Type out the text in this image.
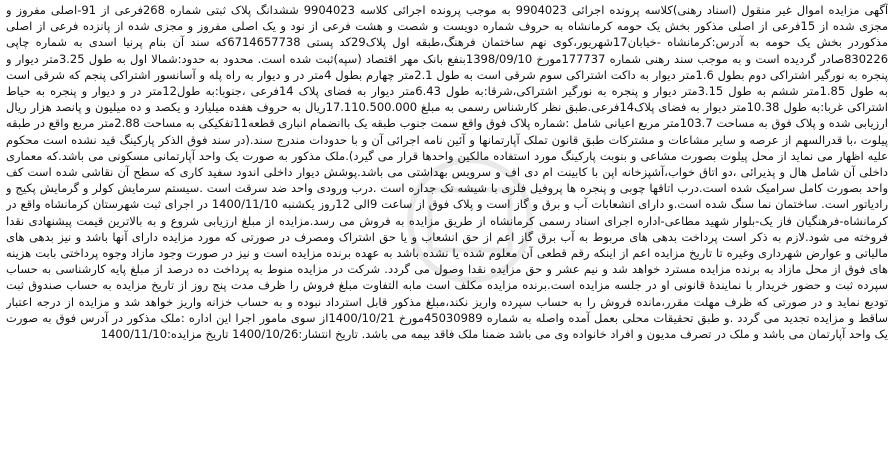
آگهی مزایده اموال غیر منقول (اسناد رهنی)کلاسه پرونده اجرائی 9904023 به موجب پرونده اجرائی کلاسه 9904023 ششدانگ پلاک ثبتی شماره 268فرعی از 91-اصلی مفروز و مجزی شده از 15فرعی از اصلی مذکور بخش یک حومه کرمانشاه به حروف شماره دویست و شصت و هشت فرعی از نود و یک اصلی مفروز و مجزی شده از پانزده فرعی از اصلی مذکوردر بخش یک حومه به آدرس:کرمانشاه -خیابان17شهریور،کوی نهم ساختمان فرهنگ،طبقه اول پلاک29کد پستی 6714657738که سند آن بنام پرنیا اسدی به شماره چاپی 830226صادر گردیده است و به موجب سند رهنی شماره 177737مورخ 1398/09/10بنفع بانک مهر اقتصاد (سپه)ثبت شده است. محدود به حدود:شمالا اول به طول 3.25متر دیوار و پنجره به نورگیر اشتراکی دوم بطول 1.6متر دیوار به داکت اشتراکی سوم شرقی است به طول 2.1متر چهارم بطول 4متر در و دیوار به راه پله و آسانسور اشتراکی پنجم که شرقی است به طول 1.85متر ششم به طول 3.15متر دیوار و پنجره به نورگیر اشتراکی،شرقا:به طول 6.43متر دیوار به فضای پلاک 14فرعی ،جنوبا:به طول12متر در و دیوار و پنجره به حیاط اشتراکی غربا:به طول 10.38متر دیوار به فضای پلاک14فرعی.طبق نظر کارشناس رسمی به مبلغ 17.110.500.000ریال به حروف هفده میلیارد و یکصد و ده میلیون و پانصد هزار ریال ارزیابی شده و پلاک فوق به مساحت 103.7متر مربع اعیانی شامل :شماره پلاک فوق واقع سمت جنوب طبقه یک باانضمام انباری قطعه11تفکیکی به مساحت 2.88متر مربع واقع در طبقه پیلوت ،با قدرالسهم از عرصه و سایر مشاعات و مشترکات طبق قانون تملک آپارتمانها و آئین نامه اجرائی آن و با حدودات مندرج سند.(در سند فوق الذکر پارکینگ قید نشده است محکوم علیه اظهار می نماید از محل پیلوت بصورت مشاعی و بنوبت پارکینگ مورد استفاده مالکین واحدها قرار می گیرد).ملک مذکور به صورت یک واحد آپارتمانی مسکونی می باشد.که معماری داخلی آن شامل هال و پذیرائی ،دو اتاق خواب،آشپزخانه اپن با کابینت ام دی اف و سرویس بهداشتی می باشد.پوشش دیوار داخلی اندود سفید کاری که سطح آن نقاشی شده است کف واحد بصورت کامل سرامیک شده است.درب اتاقها چوبی و پنجره ها پروفیل فلزی با شیشه تک جداره است .درب ورودی واحد ضد سرقت است .سیستم سرمایش کولر و گرمایش پکیج و رادیاتور است. ساختمان نما سنگ شده است.و دارای انشعابات آب و برق و گاز است و پلاک فوق از ساعت 9الی 12روز یکشنبه 1400/11/10 در اجرای ثبت شهرستان کرمانشاه واقع در کرمانشاه-فرهنگیان فاز یک-بلوار شهید مطاعی-اداره اجرای اسناد رسمی کرمانشاه از طریق مزایده به فروش می رسد.مزایده از مبلغ ارزیابی شروع و به بالاترین قیمت پیشنهادی نقدا فروخته می شود.لازم به ذکر است پرداخت بدهی های مربوط به آب برق گاز اعم از حق انشعاب و یا حق اشتراک ومصرف در صورتی که مورد مزایده دارای آنها باشد و نیز بدهی های مالیاتی و عوارض شهرداری وغیره تا تاریخ مزایده اعم از اینکه رقم قطعی آن معلوم شده یا نشده باشد به عهده برنده مزایده است و نیز در صورت وجود مازاد وجوه پرداختی بابت هزینه های فوق از محل مازاد به برنده مزایده مسترد خواهد شد و نیم عشر و حق مزایده نقدا وصول می گردد. شرکت در مزایده منوط به پرداخت ده درصد از مبلغ پایه کارشناسی به حساب سپرده ثبت و حضور خریدار با نمایندۀ قانونی او در جلسه مزایده است.برنده مزایده مکلف است مابه التفاوت مبلغ فروش را ظرف مدت پنج روز از تاریخ مزایده به حساب صندوق ثبت تودیع نماید و در صورتی که ظرف مهلت مقرر،مانده فروش را به حساب سپرده واریز نکند،مبلغ مذکور قابل استرداد نبوده و به حساب خزانه واریز خواهد شد و مزایده از درجه اعتبار ساقط و مزایده تجدید می گردد .و طبق تحقیقات محلی بعمل آمده واصله به شماره 45030989مورخ 1400/10/21از سوی مامور اجرا این اداره :ملک مذکور در آدرس فوق به صورت یک واحد آپارتمان می باشد و ملک در تصرف مدیون و افراد خانواده وی می باشد ضمنا ملک فاقد بیمه می باشد. تاریخ انتشار:1400/10/26 تاریخ مزایده:1400/11/10
